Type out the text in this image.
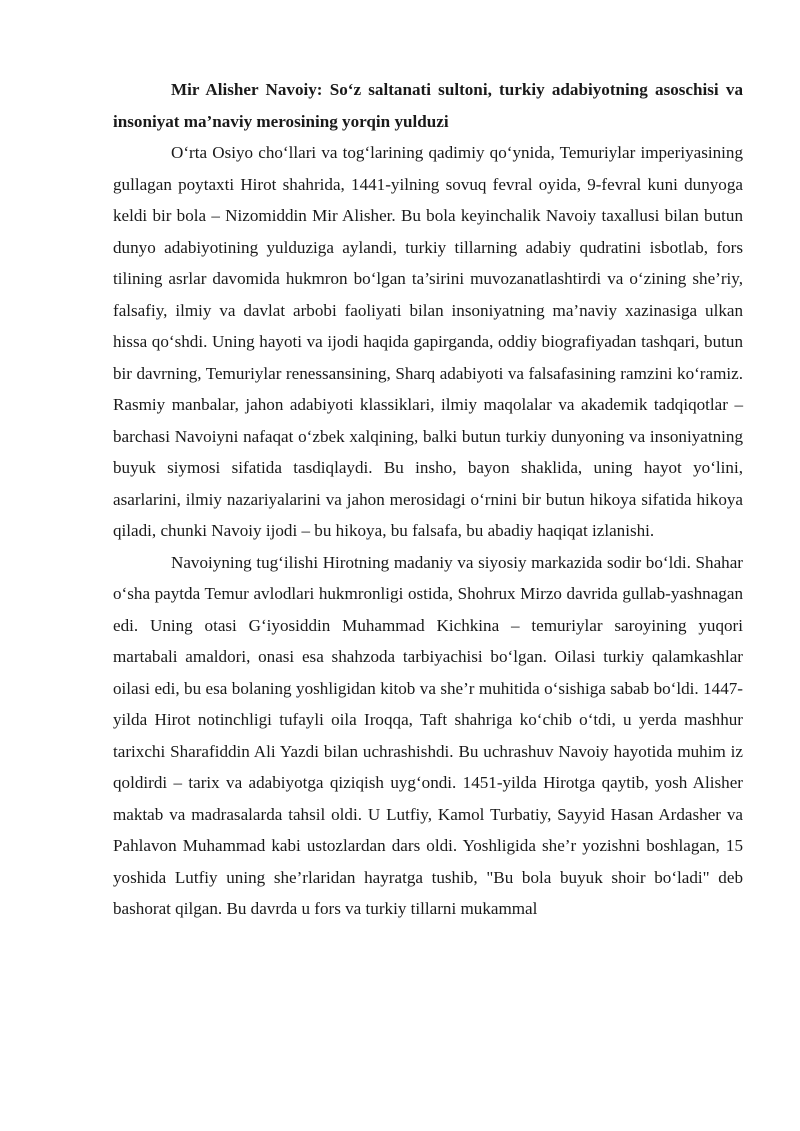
Mir Alisher Navoiy: So‘z saltanati sultoni, turkiy adabiyotning asoschisi va insoniyat ma’naviy merosining yorqin yulduzi

O‘rta Osiyo cho‘llari va tog‘larining qadimiy qo‘ynida, Temuriylar imperiyasining gullagan poytaxti Hirot shahrida, 1441-yilning sovuq fevral oyida, 9-fevral kuni dunyoga keldi bir bola – Nizomiddin Mir Alisher. Bu bola keyinchalik Navoiy taxallusi bilan butun dunyo adabiyotining yulduziga aylandi, turkiy tillarning adabiy qudratini isbotlab, fors tilining asrlar davomida hukmron bo‘lgan ta’sirini muvozanatlashtirdi va o‘zining she’riy, falsafiy, ilmiy va davlat arbobi faoliyati bilan insoniyatning ma’naviy xazinasiga ulkan hissa qo‘shdi. Uning hayoti va ijodi haqida gapirganda, oddiy biografiyadan tashqari, butun bir davrning, Temuriylar renessansining, Sharq adabiyoti va falsafasining ramzini ko‘ramiz. Rasmiy manbalar, jahon adabiyoti klassiklari, ilmiy maqolalar va akademik tadqiqotlar – barchasi Navoiyni nafaqat o‘zbek xalqining, balki butun turkiy dunyoning va insoniyatning buyuk siymosi sifatida tasdiqlaydi. Bu insho, bayon shaklida, uning hayot yo‘lini, asarlarini, ilmiy nazariyalarini va jahon merosidagi o‘rnini bir butun hikoya sifatida hikoya qiladi, chunki Navoiy ijodi – bu hikoya, bu falsafa, bu abadiy haqiqat izlanishi.

Navoiyning tug‘ilishi Hirotning madaniy va siyosiy markazida sodir bo‘ldi. Shahar o‘sha paytda Temur avlodlari hukmronligi ostida, Shohrux Mirzo davrida gullab-yashnagan edi. Uning otasi G‘iyosiddin Muhammad Kichkina – temuriylar saroyining yuqori martabali amaldori, onasi esa shahzoda tarbiyachisi bo‘lgan. Oilasi turkiy qalamkashlar oilasi edi, bu esa bolaning yoshligidan kitob va she’r muhitida o‘sishiga sabab bo‘ldi. 1447-yilda Hirot notinchligi tufayli oila Iroqqa, Taft shahriga ko‘chib o‘tdi, u yerda mashhur tarixchi Sharafiddin Ali Yazdi bilan uchrashishdi. Bu uchrashuv Navoiy hayotida muhim iz qoldirdi – tarix va adabiyotga qiziqish uyg‘ondi. 1451-yilda Hirotga qaytib, yosh Alisher maktab va madrasalarda tahsil oldi. U Lutfiy, Kamol Turbatiy, Sayyid Hasan Ardasher va Pahlavon Muhammad kabi ustozlardan dars oldi. Yoshligida she’r yozishni boshlagan, 15 yoshida Lutfiy uning she’rlaridan hayratga tushib, "Bu bola buyuk shoir bo‘ladi" deb bashorat qilgan. Bu davrda u fors va turkiy tillarni mukammal
